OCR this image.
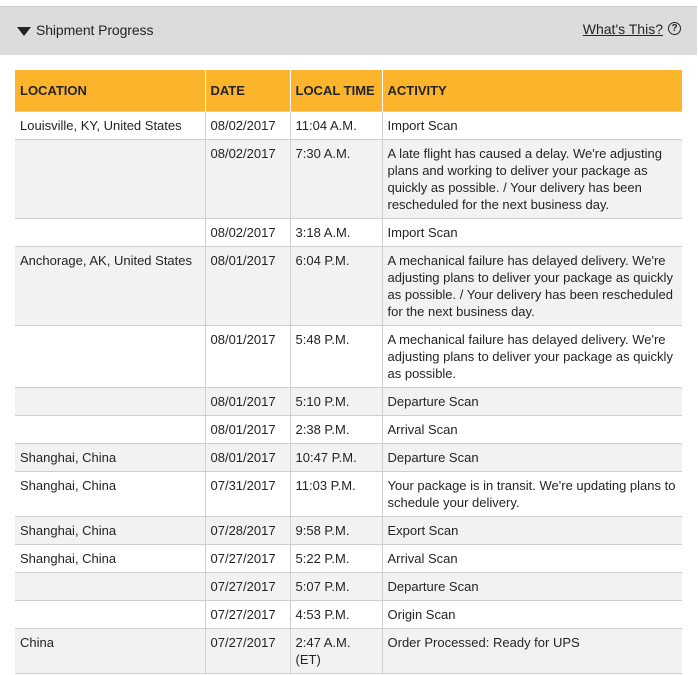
Shipment Progress	What's This? ?
LOCATION	DATE	LOCAL TIME	ACTIVITY
Louisville, KY, United States	08/02/2017	11:04 A.M.	Import Scan
	08/02/2017	7:30 A.M.	A late flight has caused a delay. We're adjusting plans and working to deliver your package as quickly as possible. / Your delivery has been rescheduled for the next business day.
	08/02/2017	3:18 A.M.	Import Scan
Anchorage, AK, United States	08/01/2017	6:04 P.M.	A mechanical failure has delayed delivery. We're adjusting plans to deliver your package as quickly as possible. / Your delivery has been rescheduled for the next business day.
	08/01/2017	5:48 P.M.	A mechanical failure has delayed delivery. We're adjusting plans to deliver your package as quickly as possible.
	08/01/2017	5:10 P.M.	Departure Scan
	08/01/2017	2:38 P.M.	Arrival Scan
Shanghai, China	08/01/2017	10:47 P.M.	Departure Scan
Shanghai, China	07/31/2017	11:03 P.M.	Your package is in transit. We're updating plans to schedule your delivery.
Shanghai, China	07/28/2017	9:58 P.M.	Export Scan
Shanghai, China	07/27/2017	5:22 P.M.	Arrival Scan
	07/27/2017	5:07 P.M.	Departure Scan
	07/27/2017	4:53 P.M.	Origin Scan
China	07/27/2017	2:47 A.M. (ET)	Order Processed: Ready for UPS
